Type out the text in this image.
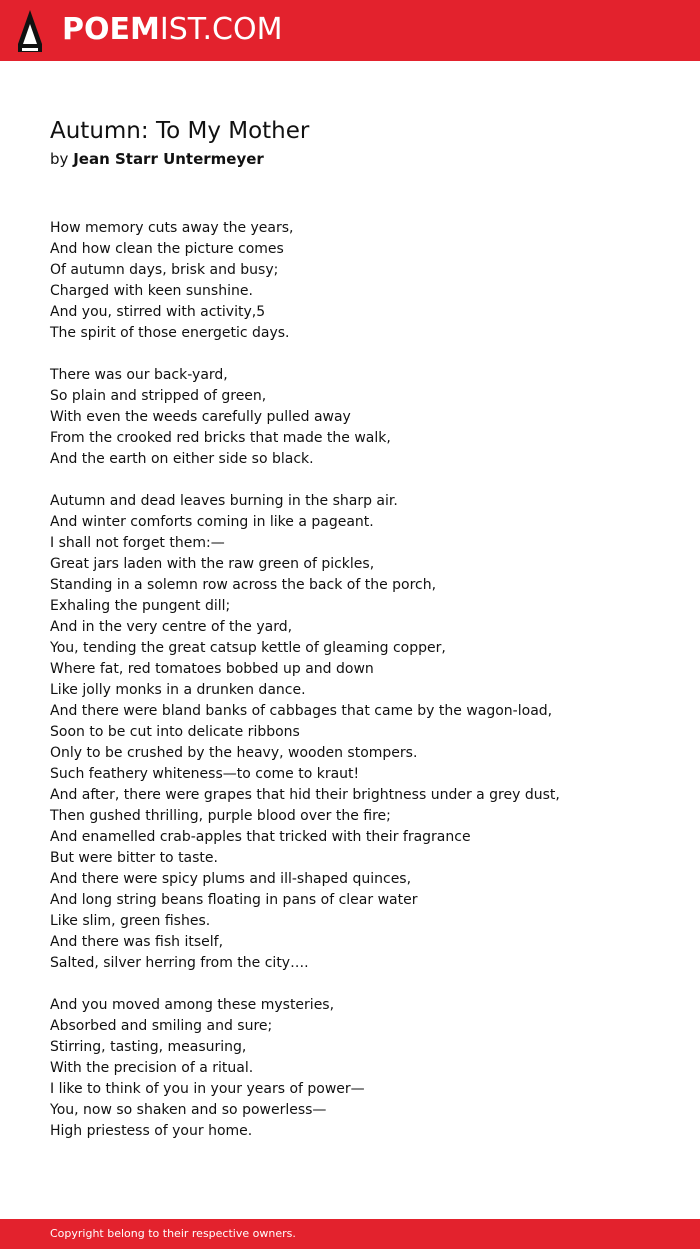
POEMIST.COM
Autumn: To My Mother
by Jean Starr Untermeyer
How memory cuts away the years,
And how clean the picture comes
Of autumn days, brisk and busy;
Charged with keen sunshine.
And you, stirred with activity,5
The spirit of those energetic days.
There was our back-yard,
So plain and stripped of green,
With even the weeds carefully pulled away
From the crooked red bricks that made the walk,
And the earth on either side so black.
Autumn and dead leaves burning in the sharp air.
And winter comforts coming in like a pageant.
I shall not forget them:—
Great jars laden with the raw green of pickles,
Standing in a solemn row across the back of the porch,
Exhaling the pungent dill;
And in the very centre of the yard,
You, tending the great catsup kettle of gleaming copper,
Where fat, red tomatoes bobbed up and down
Like jolly monks in a drunken dance.
And there were bland banks of cabbages that came by the wagon-load,
Soon to be cut into delicate ribbons
Only to be crushed by the heavy, wooden stompers.
Such feathery whiteness—to come to kraut!
And after, there were grapes that hid their brightness under a grey dust,
Then gushed thrilling, purple blood over the fire;
And enamelled crab-apples that tricked with their fragrance
But were bitter to taste.
And there were spicy plums and ill-shaped quinces,
And long string beans floating in pans of clear water
Like slim, green fishes.
And there was fish itself,
Salted, silver herring from the city….
And you moved among these mysteries,
Absorbed and smiling and sure;
Stirring, tasting, measuring,
With the precision of a ritual.
I like to think of you in your years of power—
You, now so shaken and so powerless—
High priestess of your home.
Copyright belong to their respective owners.
